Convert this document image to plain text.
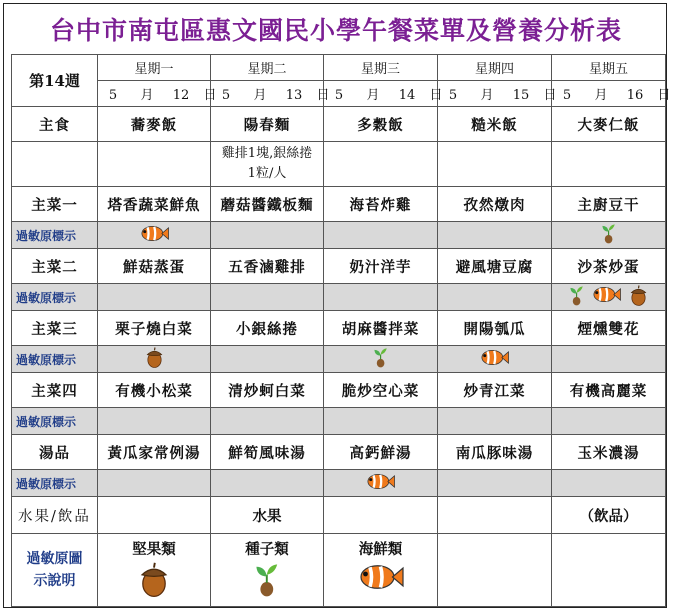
台中市南屯區惠文國民小學午餐菜單及營養分析表
第14週	星期一	星期二	星期三	星期四	星期五
	5 月 12 日	5 月 13 日	5 月 14 日	5 月 15 日	5 月 16 日
主食	蕎麥飯	陽春麵	多穀飯	糙米飯	大麥仁飯
		雞排1塊,銀絲捲1粒/人			
主菜一	塔香蔬菜鮮魚	蘑菇醬鐵板麵	海苔炸雞	孜然燉肉	主廚豆干
過敏原標示	

主菜二	鮮菇蒸蛋	五香滷雞排	奶汁洋芋	避風塘豆腐	沙茶炒蛋
過敏原標示					

主菜三	栗子燒白菜	小銀絲捲	胡麻醬拌菜	開陽瓠瓜	煙燻雙花
過敏原標示	

主菜四	有機小松菜	清炒蚵白菜	脆炒空心菜	炒青江菜	有機高麗菜
過敏原標示					
湯品	黃瓜家常例湯	鮮筍風味湯	高鈣鮮湯	南瓜豚味湯	玉米濃湯
過敏原標示			

水果/飲品		水果			（飲品）
過敏原圖示說明	堅果類	種子類	海鮮類		
